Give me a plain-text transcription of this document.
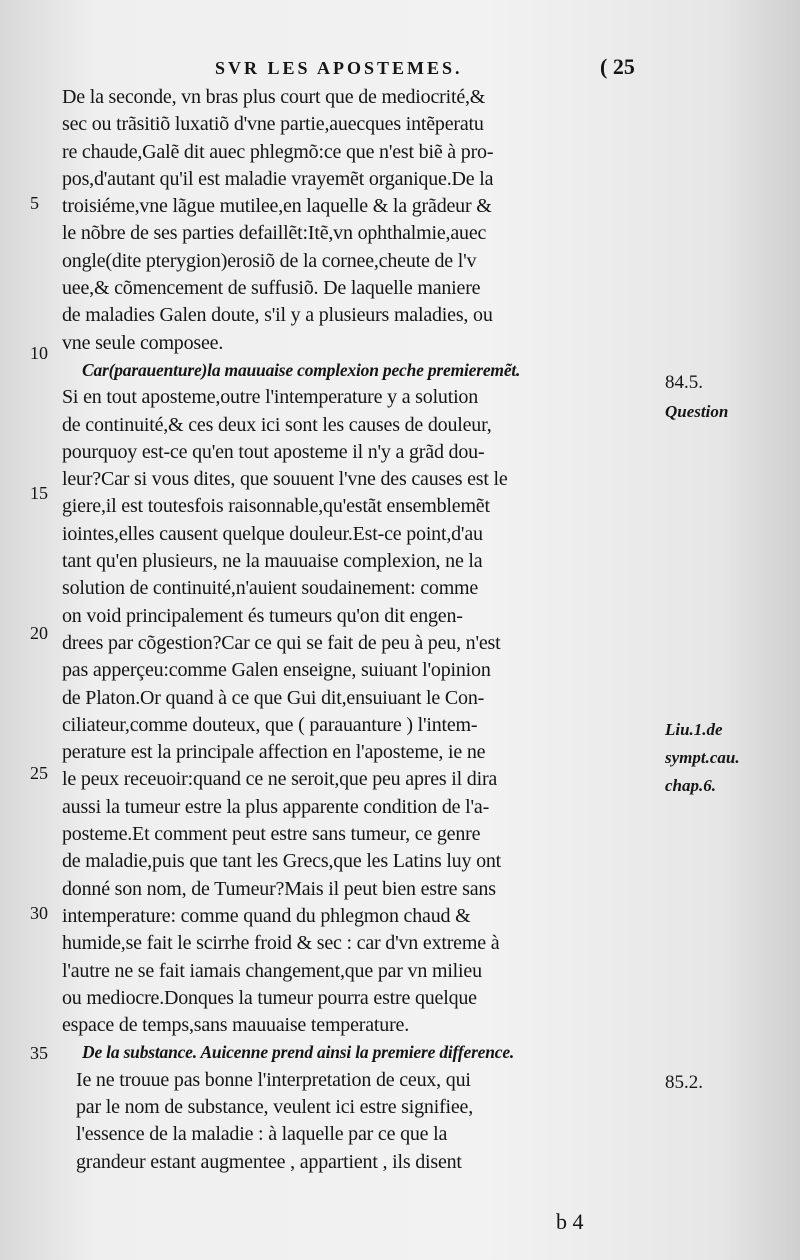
SVR LES APOSTEMES.	( 25
De la seconde, vn bras plus court que de mediocrité,&
sec ou trãsitiõ luxatiõ d'vne partie,auecques intẽperatu
re chaude,Galẽ dit auec phlegmõ:ce que n'est biẽ à pro-
pos,d'autant qu'il est maladie vrayemẽt organique.De la
troisiéme,vne lãgue mutilee,en laquelle & la grãdeur &
le nõbre de ses parties defaillẽt:Itẽ,vn ophthalmie,auec
ongle(dite pterygion)erosiõ de la cornee,cheute de l'v
uee,& cõmencement de suffusiõ. De laquelle maniere
de maladies Galen doute, s'il y a plusieurs maladies, ou
vne seule composee.
Car(parauenture)la mauuaise complexion peche premieremẽt.
Si en tout aposteme,outre l'intemperature y a solution
de continuité,& ces deux ici sont les causes de douleur,
pourquoy est-ce qu'en tout aposteme il n'y a grãd dou-
leur?Car si vous dites, que souuent l'vne des causes est le
giere,il est toutesfois raisonnable,qu'estãt ensemblemẽt
iointes,elles causent quelque douleur.Est-ce point,d'au
tant qu'en plusieurs, ne la mauuaise complexion, ne la
solution de continuité,n'auient soudainement: comme
on void principalement és tumeurs qu'on dit engen-
drees par cõgestion?Car ce qui se fait de peu à peu, n'est
pas apperçeu:comme Galen enseigne, suiuant l'opinion
de Platon.Or quand à ce que Gui dit,ensuiuant le Con-
ciliateur,comme douteux, que ( parauanture ) l'intem-
perature est la principale affection en l'aposteme, ie ne
le peux receuoir:quand ce ne seroit,que peu apres il dira
aussi la tumeur estre la plus apparente condition de l'a-
posteme.Et comment peut estre sans tumeur, ce genre
de maladie,puis que tant les Grecs,que les Latins luy ont
donné son nom, de Tumeur?Mais il peut bien estre sans
intemperature: comme quand du phlegmon chaud &
humide,se fait le scirrhe froid & sec : car d'vn extreme à
l'autre ne se fait iamais changement,que par vn milieu
ou mediocre.Donques la tumeur pourra estre quelque
espace de temps,sans mauuaise temperature.
De la substance. Auicenne prend ainsi la premiere difference.
Ie ne trouue pas bonne l'interpretation de ceux, qui
par le nom de substance, veulent ici estre signifiee,
l'essence de la maladie : à laquelle par ce que la
grandeur estant augmentee , appartient , ils disent
5
10
15
20
25
30
35
84.5.
Question
Liu.1.de
sympt.cau.
chap.6.
85.2.
b 4
